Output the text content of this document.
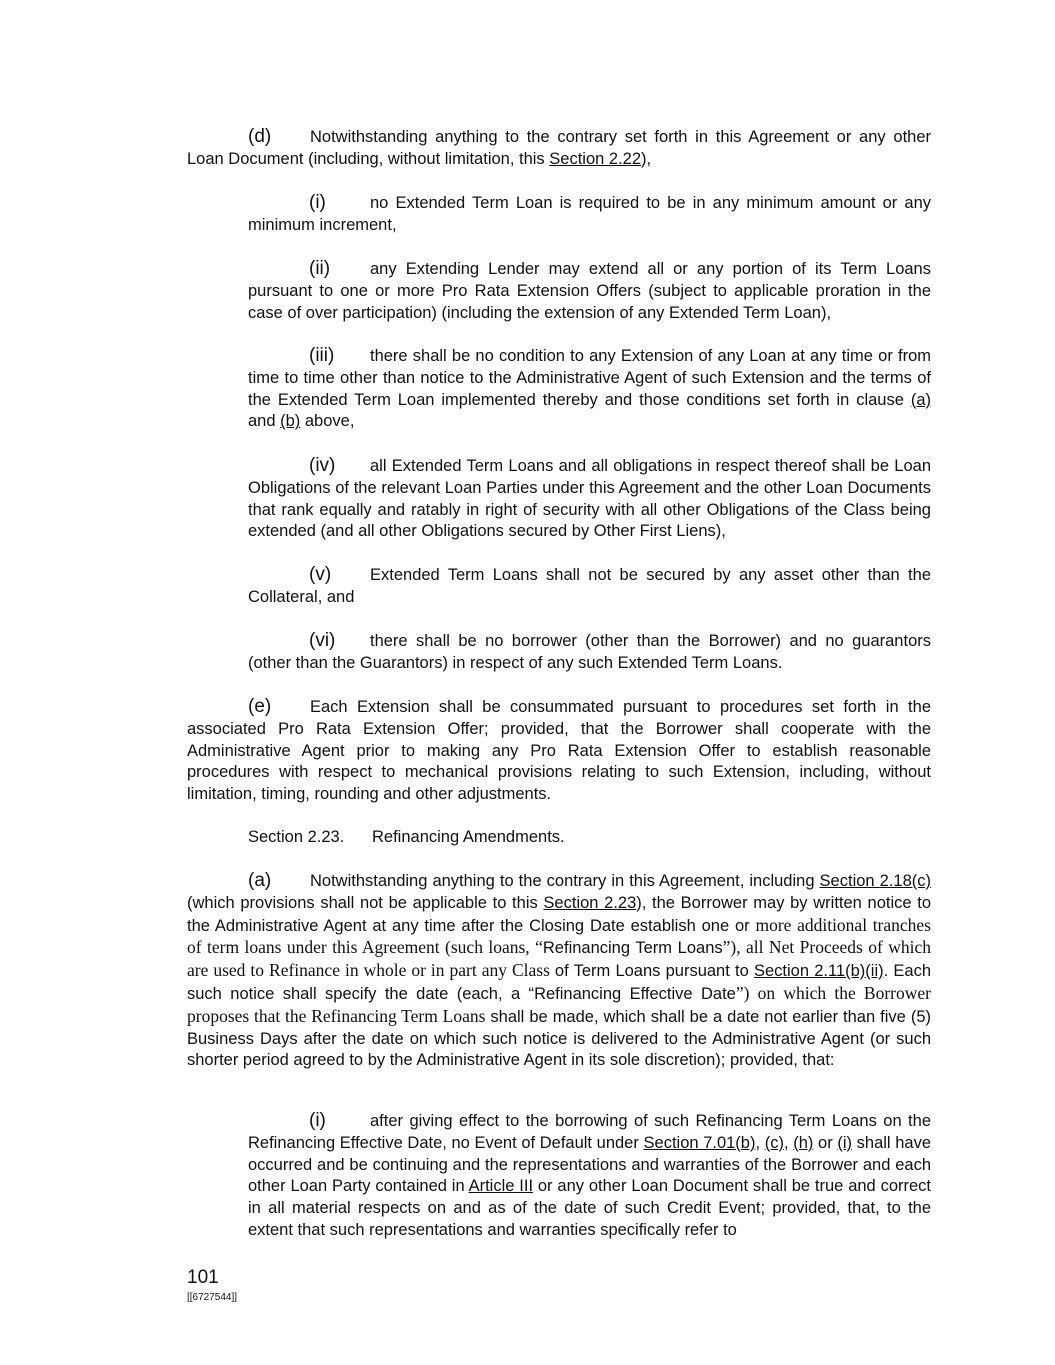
(d) Notwithstanding anything to the contrary set forth in this Agreement or any other Loan Document (including, without limitation, this Section 2.22),

(i)	no Extended Term Loan is required to be in any minimum amount or any minimum increment,

(ii) any Extending Lender may extend all or any portion of its Term Loans pursuant to one or more Pro Rata Extension Offers (subject to applicable proration in the case of over participation) (including the extension of any Extended Term Loan),

(iii) there shall be no condition to any Extension of any Loan at any time or from time to time other than notice to the Administrative Agent of such Extension and the terms of the Extended Term Loan implemented thereby and those conditions set forth in clause (a) and (b) above,

(iv) all Extended Term Loans and all obligations in respect thereof shall be Loan Obligations of the relevant Loan Parties under this Agreement and the other Loan Documents that rank equally and ratably in right of security with all other Obligations of the Class being extended (and all other Obligations secured by Other First Liens),

(v) Extended Term Loans shall not be secured by any asset other than the Collateral, and

(vi) there shall be no borrower (other than the Borrower) and no guarantors (other than the Guarantors) in respect of any such Extended Term Loans.

(e) Each Extension shall be consummated pursuant to procedures set forth in the associated Pro Rata Extension Offer; provided, that the Borrower shall cooperate with the Administrative Agent prior to making any Pro Rata Extension Offer to establish reasonable procedures with respect to mechanical provisions relating to such Extension, including, without limitation, timing, rounding and other adjustments.

Section 2.23. Refinancing Amendments.

(a) Notwithstanding anything to the contrary in this Agreement, including Section 2.18(c) (which provisions shall not be applicable to this Section 2.23), the Borrower may by written notice to the Administrative Agent at any time after the Closing Date establish one or more additional tranches of term loans under this Agreement (such loans, “Refinancing Term Loans”), all Net Proceeds of which are used to Refinance in whole or in part any Class of Term Loans pursuant to Section 2.11(b)(ii). Each such notice shall specify the date (each, a “Refinancing Effective Date”) on which the Borrower proposes that the Refinancing Term Loans shall be made, which shall be a date not earlier than five (5) Business Days after the date on which such notice is delivered to the Administrative Agent (or such shorter period agreed to by the Administrative Agent in its sole discretion); provided, that:

(i)	after giving effect to the borrowing of such Refinancing Term Loans on the Refinancing Effective Date, no Event of Default under Section 7.01(b), (c), (h) or (i) shall have occurred and be continuing and the representations and warranties of the Borrower and each other Loan Party contained in Article III or any other Loan Document shall be true and correct in all material respects on and as of the date of such Credit Event; provided, that, to the extent that such representations and warranties specifically refer to

101
[[6727544]]
